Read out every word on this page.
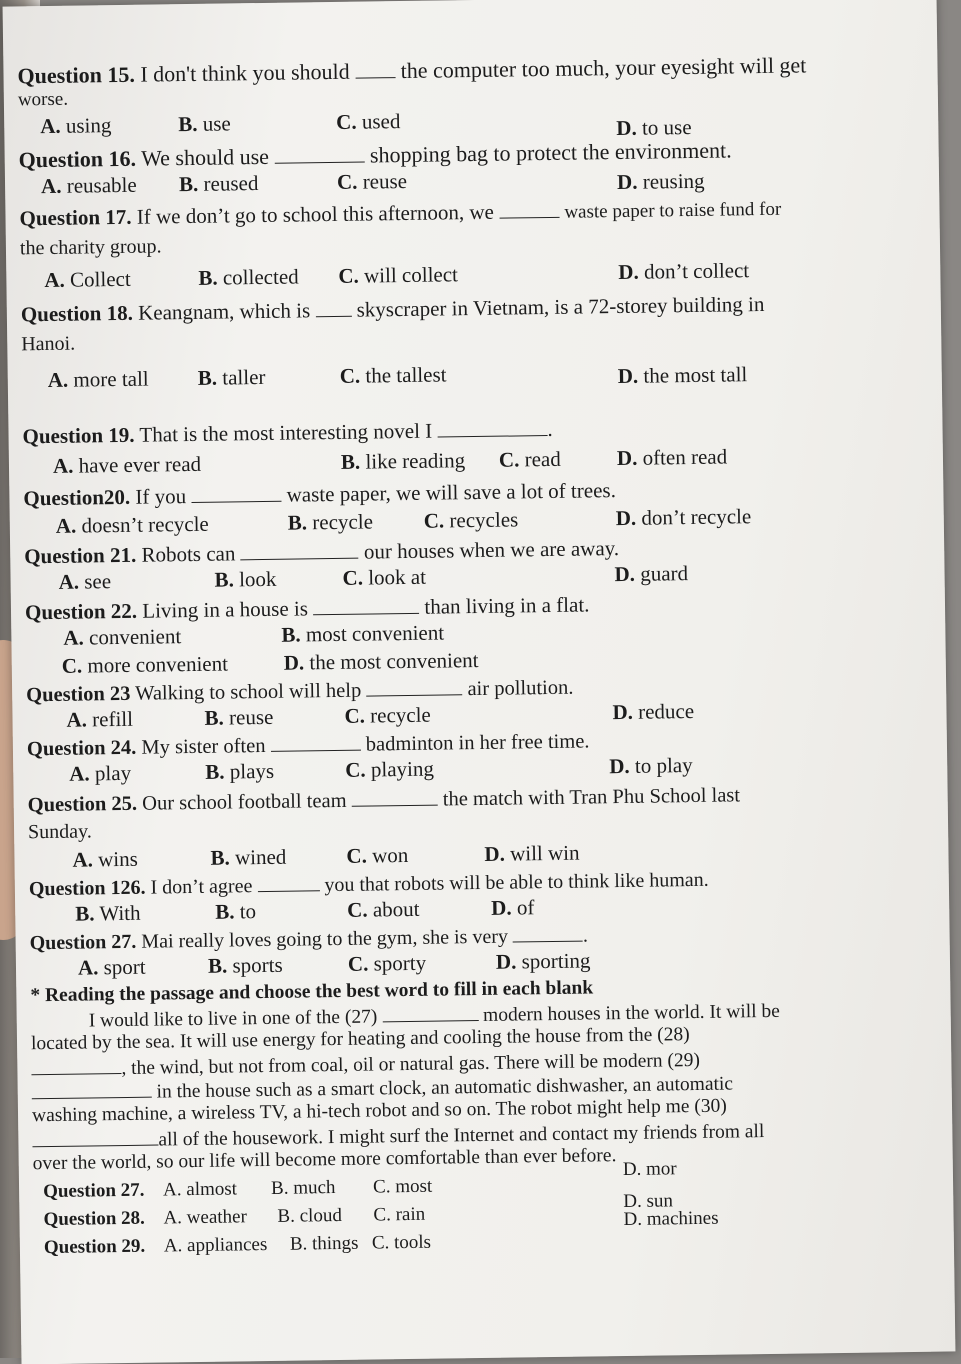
Question 15. I don't think you should the computer too much, your eyesight will get
worse.
A. using	B. use	C. used	D. to use
Question 16. We should use	shopping bag to protect the environment.
A. reusable B. reused	C. reuse	D. reusing
Question 17. If we don’t go to school this afternoon, we	waste paper to raise fund for
the charity group.
A. Collect	B. collected C. will collect	D. don’t collect
Question 18. Keangnam, which is skyscraper in Vietnam, is a 72-storey building in
Hanoi.
A. more tall B. taller	C. the tallest	D. the most tall
Question 19. That is the most interesting novel I	.
A. have ever read	B. like reading C. read	D. often read
Question20. If you	waste paper, we will save a lot of trees.
A. doesn’t recycle	B. recycle C. recycles	D. don’t recycle
Question 21. Robots can	our houses when we are away.
A. see	B. look	C. look at	D. guard
Question 22. Living in a house is	than living in a flat.
A. convenient	B. most convenient
C. more convenient	D. the most convenient
Question 23 Walking to school will help	air pollution.
A. refill	B. reuse	C. recycle	D. reduce
Question 24. My sister often	badminton in her free time.
A. play	B. plays	C. playing	D. to play
Question 25. Our school football team	the match with Tran Phu School last
Sunday.
A. wins	B. wined	C. won	D. will win
Question 126. I don’t agree	you that robots will be able to think like human.
B. With	B. to	C. about	D. of
Question 27. Mai really loves going to the gym, she is very	.
A. sport	B. sports	C. sporty	D. sporting
* Reading the passage and choose the best word to fill in each blank
I would like to live in one of the (27)	modern houses in the world. It will be
located by the sea. It will use energy for heating and cooling the house from the (28)
, the wind, but not from coal, oil or natural gas. There will be modern (29)
in the house such as a smart clock, an automatic dishwasher, an automatic
washing machine, a wireless TV, a hi-tech robot and so on. The robot might help me (30)
all of the housework. I might surf the Internet and contact my friends from all
over the world, so our life will become more comfortable than ever before.
Question 27. A. almost B. much C. most
D. mor
Question 28. A. weather B. cloud C. rain
D. sun
Question 29. A. appliances B. things C. tools
D. machines
